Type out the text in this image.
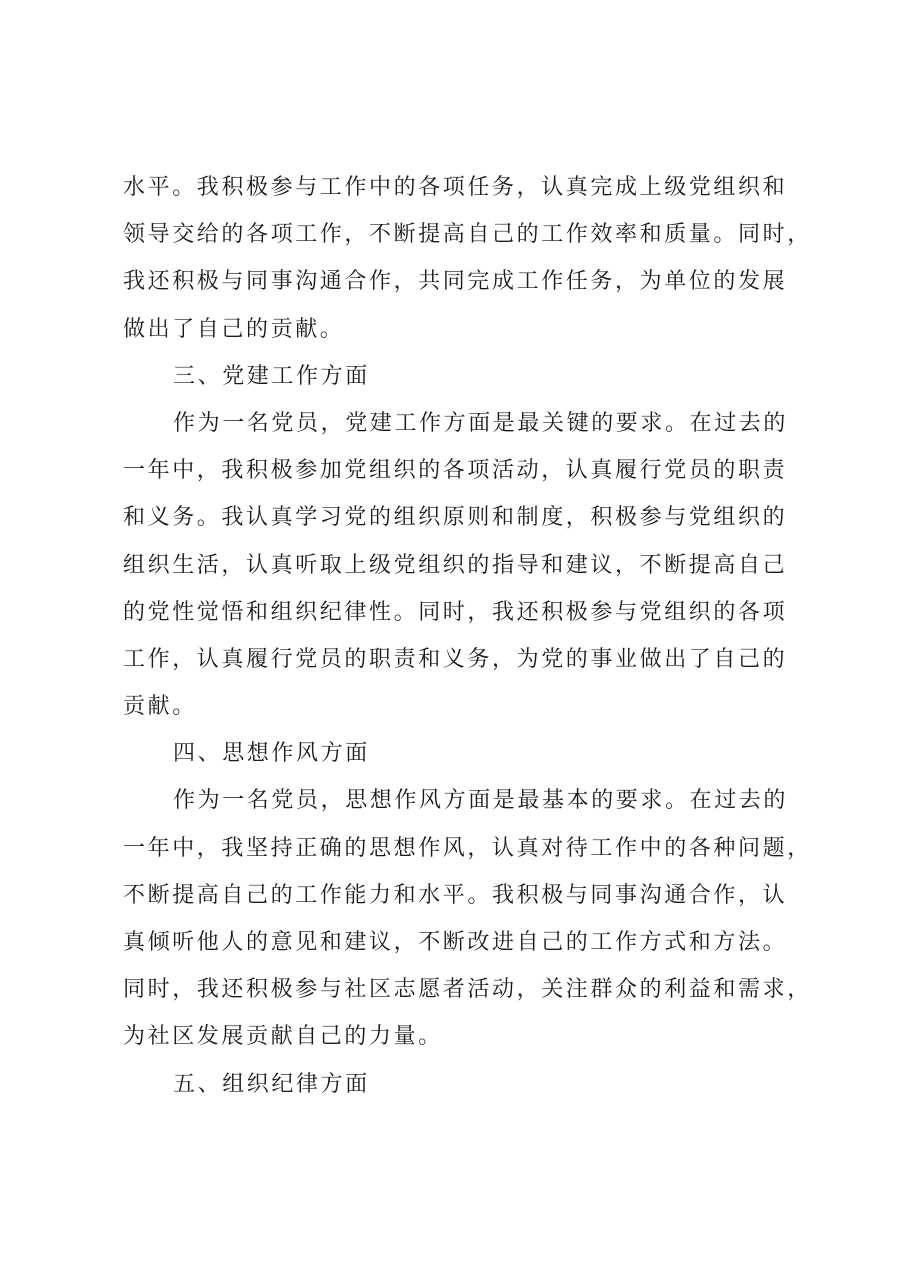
水平。我积极参与工作中的各项任务，认真完成上级党组织和
领导交给的各项工作，不断提高自己的工作效率和质量。同时，
我还积极与同事沟通合作，共同完成工作任务，为单位的发展
做出了自己的贡献。
三、党建工作方面
作为一名党员，党建工作方面是最关键的要求。在过去的
一年中，我积极参加党组织的各项活动，认真履行党员的职责
和义务。我认真学习党的组织原则和制度，积极参与党组织的
组织生活，认真听取上级党组织的指导和建议，不断提高自己
的党性觉悟和组织纪律性。同时，我还积极参与党组织的各项
工作，认真履行党员的职责和义务，为党的事业做出了自己的
贡献。
四、思想作风方面
作为一名党员，思想作风方面是最基本的要求。在过去的
一年中，我坚持正确的思想作风，认真对待工作中的各种问题，
不断提高自己的工作能力和水平。我积极与同事沟通合作，认
真倾听他人的意见和建议，不断改进自己的工作方式和方法。
同时，我还积极参与社区志愿者活动，关注群众的利益和需求，
为社区发展贡献自己的力量。
五、组织纪律方面
